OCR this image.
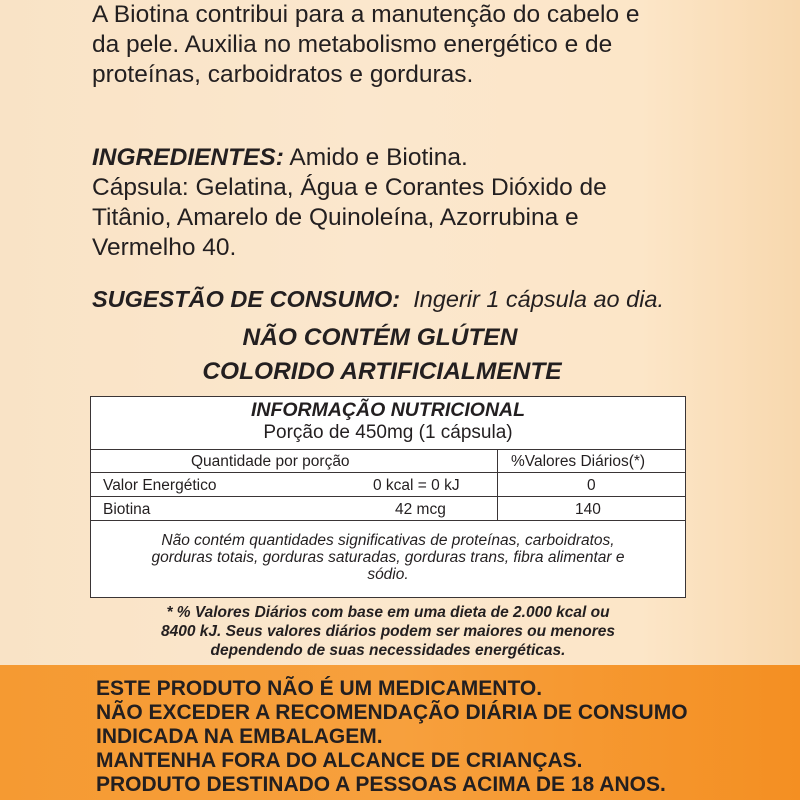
A Biotina contribui para a manutenção do cabelo e
da pele. Auxilia no metabolismo energético e de
proteínas, carboidratos e gorduras.
INGREDIENTES: Amido e Biotina.
Cápsula: Gelatina, Água e Corantes Dióxido de
Titânio, Amarelo de Quinoleína, Azorrubina e
Vermelho 40.
SUGESTÃO DE CONSUMO:  Ingerir 1 cápsula ao dia.
NÃO CONTÉM GLÚTEN
COLORIDO ARTIFICIALMENTE
INFORMAÇÃO NUTRICIONAL
Porção de 450mg (1 cápsula)
Quantidade por porção	%Valores Diários(*)
Valor Energético	0 kcal = 0 kJ	0
Biotina	42 mcg	140
Não contém quantidades significativas de proteínas, carboidratos,
gorduras totais, gorduras saturadas, gorduras trans, fibra alimentar e
sódio.
* % Valores Diários com base em uma dieta de 2.000 kcal ou
8400 kJ. Seus valores diários podem ser maiores ou menores
dependendo de suas necessidades energéticas.
ESTE PRODUTO NÃO É UM MEDICAMENTO.
NÃO EXCEDER A RECOMENDAÇÃO DIÁRIA DE CONSUMO
INDICADA NA EMBALAGEM.
MANTENHA FORA DO ALCANCE DE CRIANÇAS.
PRODUTO DESTINADO A PESSOAS ACIMA DE 18 ANOS.
